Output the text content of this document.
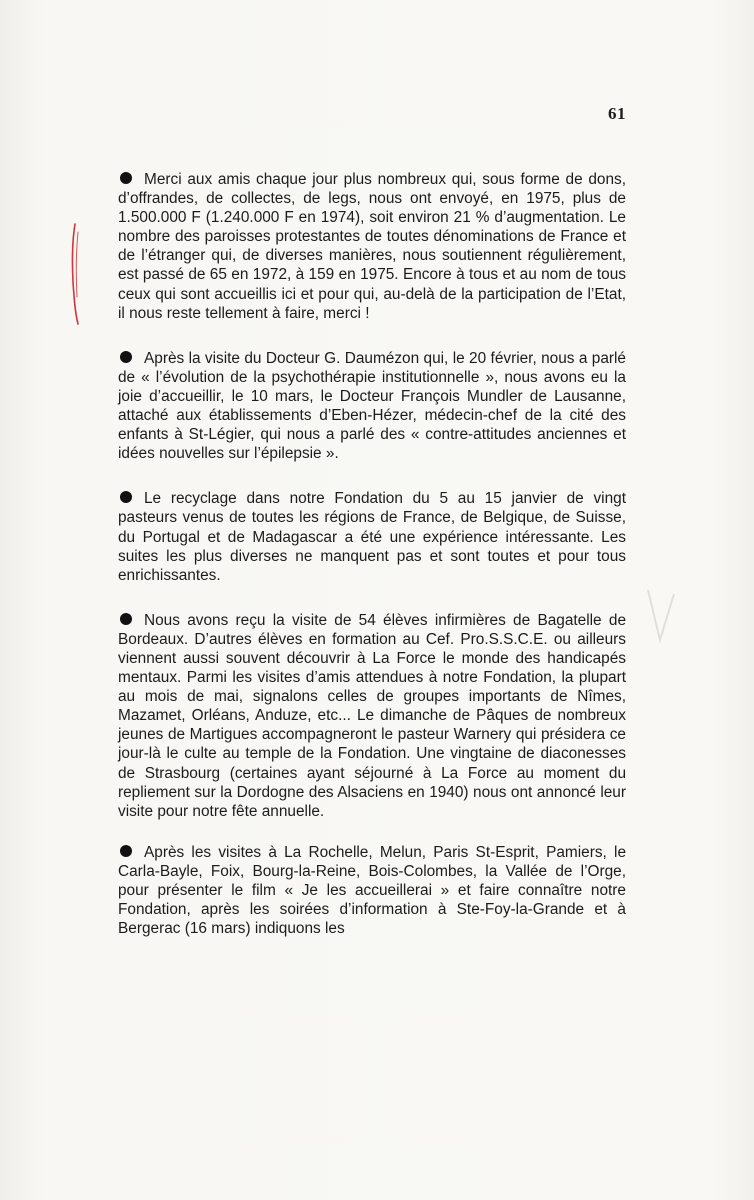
61

Merci aux amis chaque jour plus nombreux qui, sous forme de dons, d’offrandes, de collectes, de legs, nous ont envoyé, en 1975, plus de 1.500.000 F (1.240.000 F en 1974), soit environ 21 % d’augmentation. Le nombre des paroisses protestantes de toutes dénominations de France et de l’étranger qui, de diverses manières, nous soutiennent régulièrement, est passé de 65 en 1972, à 159 en 1975. Encore à tous et au nom de tous ceux qui sont accueillis ici et pour qui, au-delà de la participation de l’Etat, il nous reste tellement à faire, merci !

Après la visite du Docteur G. Daumézon qui, le 20 février, nous a parlé de « l’évolution de la psychothérapie institutionnelle », nous avons eu la joie d’accueillir, le 10 mars, le Docteur François Mundler de Lausanne, attaché aux établissements d’Eben-Hézer, médecin-chef de la cité des enfants à St-Légier, qui nous a parlé des « contre-attitudes anciennes et idées nouvelles sur l’épilepsie ».

Le recyclage dans notre Fondation du 5 au 15 janvier de vingt pasteurs venus de toutes les régions de France, de Belgique, de Suisse, du Portugal et de Madagascar a été une expérience intéressante. Les suites les plus diverses ne manquent pas et sont toutes et pour tous enrichissantes.

Nous avons reçu la visite de 54 élèves infirmières de Bagatelle de Bordeaux. D’autres élèves en formation au Cef. Pro.S.S.C.E. ou ailleurs viennent aussi souvent découvrir à La Force le monde des handicapés mentaux. Parmi les visites d’amis attendues à notre Fondation, la plupart au mois de mai, signalons celles de groupes importants de Nîmes, Mazamet, Orléans, Anduze, etc... Le dimanche de Pâques de nombreux jeunes de Martigues accompagneront le pasteur Warnery qui présidera ce jour-là le culte au temple de la Fondation. Une vingtaine de diaconesses de Strasbourg (certaines ayant séjourné à La Force au moment du repliement sur la Dordogne des Alsaciens en 1940) nous ont annoncé leur visite pour notre fête annuelle.

Après les visites à La Rochelle, Melun, Paris St-Esprit, Pamiers, le Carla-Bayle, Foix, Bourg-la-Reine, Bois-Colombes, la Vallée de l’Orge, pour présenter le film « Je les accueillerai » et faire connaître notre Fondation, après les soirées d’information à Ste-Foy-la-Grande et à Bergerac (16 mars) indiquons les
